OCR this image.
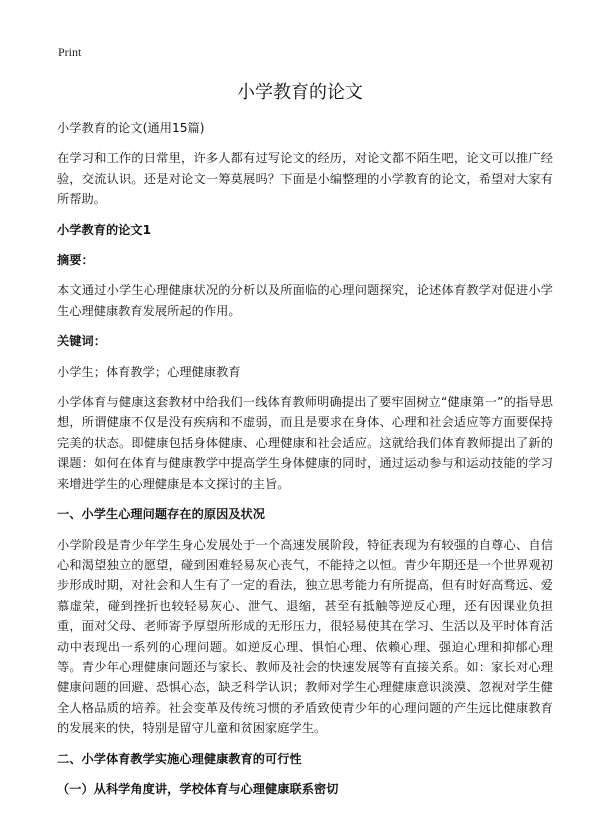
Print
小学教育的论文

小学教育的论文(通用15篇)

在学习和工作的日常里，许多人都有过写论文的经历，对论文都不陌生吧，论文可以推广经验，交流认识。还是对论文一筹莫展吗？下面是小编整理的小学教育的论文，希望对大家有所帮助。

小学教育的论文1

摘要：

本文通过小学生心理健康状况的分析以及所面临的心理问题探究，论述体育教学对促进小学生心理健康教育发展所起的作用。

关键词：

小学生；体育教学；心理健康教育

小学体育与健康这套教材中给我们一线体育教师明确提出了要牢固树立“健康第一”的指导思想，所谓健康不仅是没有疾病和不虚弱，而且是要求在身体、心理和社会适应等方面要保持完美的状态。即健康包括身体健康、心理健康和社会适应。这就给我们体育教师提出了新的课题：如何在体育与健康教学中提高学生身体健康的同时，通过运动参与和运动技能的学习来增进学生的心理健康是本文探讨的主旨。

一、小学生心理问题存在的原因及状况

小学阶段是青少年学生身心发展处于一个高速发展阶段，特征表现为有较强的自尊心、自信心和渴望独立的愿望，碰到困难轻易灰心丧气，不能持之以恒。青少年期还是一个世界观初步形成时期，对社会和人生有了一定的看法，独立思考能力有所提高，但有时好高骛远、爱慕虚荣，碰到挫折也较轻易灰心、泄气、退缩，甚至有抵触等逆反心理，还有因课业负担重，面对父母、老师寄予厚望所形成的无形压力，很轻易使其在学习、生活以及平时体育活动中表现出一系列的心理问题。如逆反心理、惧怕心理、依赖心理、强迫心理和抑郁心理等。青少年心理健康问题还与家长、教师及社会的快速发展等有直接关系。如：家长对心理健康问题的回避、恐惧心态，缺乏科学认识；教师对学生心理健康意识淡漠、忽视对学生健全人格品质的培养。社会变革及传统习惯的矛盾致使青少年的心理问题的产生远比健康教育的发展来的快，特别是留守儿童和贫困家庭学生。

二、小学体育教学实施心理健康教育的可行性

（一）从科学角度讲，学校体育与心理健康联系密切
